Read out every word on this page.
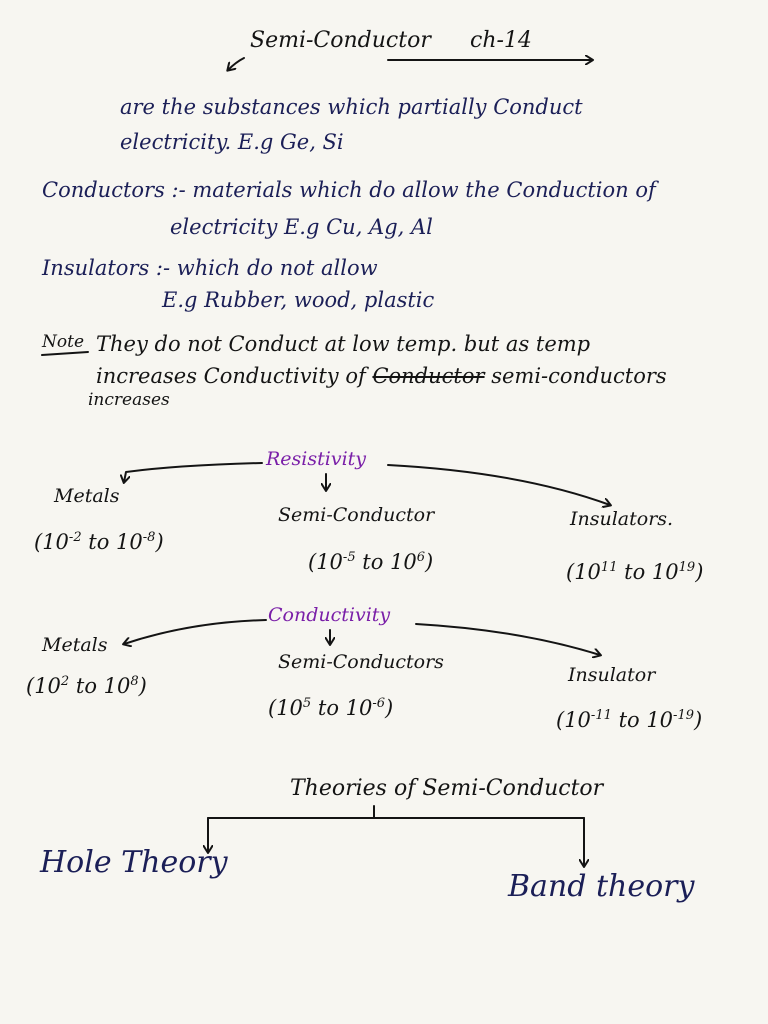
Semi-Conductor ch-14
are the substances which partially Conduct
electricity. E.g Ge, Si
Conductors :- materials which do allow the Conduction of
electricity E.g Cu, Ag, Al
Insulators :- which do not allow
E.g Rubber, wood, plastic
Note They do not Conduct at low temp. but as temp
increases Conductivity of Conductor semi-conductors
increases
Resistivity
Metals
($10^{-2}$ to $10^{-8}$)
Semi-Conductor
($10^{-5}$ to $10^6$)
Insulators.
($10^{11}$ to $10^{19}$)
Conductivity
Metals
($10^2$ to $10^8$)
Semi-Conductors
($10^5$ to $10^{-6}$)
Insulator
($10^{-11}$ to $10^{-19}$)
Theories of Semi-Conductor
Hole Theory
Band theory
